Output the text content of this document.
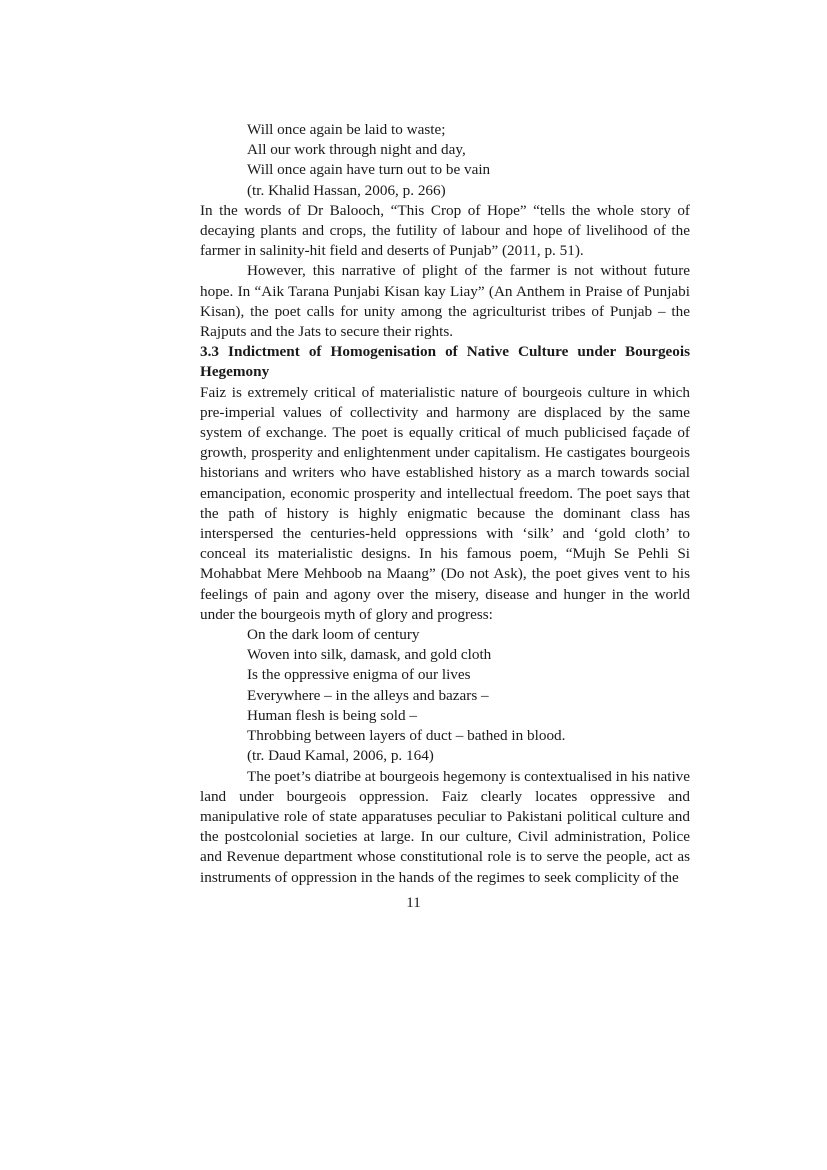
Will once again be laid to waste;

All our work through night and day,

Will once again have turn out to be vain

(tr. Khalid Hassan, 2006, p. 266)

In the words of Dr Balooch, “This Crop of Hope” “tells the whole story of decaying plants and crops, the futility of labour and hope of livelihood of the farmer in salinity-hit field and deserts of Punjab” (2011, p. 51).

However, this narrative of plight of the farmer is not without future hope. In “Aik Tarana Punjabi Kisan kay Liay” (An Anthem in Praise of Punjabi Kisan), the poet calls for unity among the agriculturist tribes of Punjab – the Rajputs and the Jats to secure their rights.

3.3 Indictment of Homogenisation of Native Culture under Bourgeois Hegemony

Faiz is extremely critical of materialistic nature of bourgeois culture in which pre-imperial values of collectivity and harmony are displaced by the same system of exchange. The poet is equally critical of much publicised façade of growth, prosperity and enlightenment under capitalism. He castigates bourgeois historians and writers who have established history as a march towards social emancipation, economic prosperity and intellectual freedom. The poet says that the path of history is highly enigmatic because the dominant class has interspersed the centuries-held oppressions with ‘silk’ and ‘gold cloth’ to conceal its materialistic designs. In his famous poem, “Mujh Se Pehli Si Mohabbat Mere Mehboob na Maang” (Do not Ask), the poet gives vent to his feelings of pain and agony over the misery, disease and hunger in the world under the bourgeois myth of glory and progress:

On the dark loom of century

Woven into silk, damask, and gold cloth

Is the oppressive enigma of our lives

Everywhere – in the alleys and bazars –

Human flesh is being sold –

Throbbing between layers of duct – bathed in blood.

(tr. Daud Kamal, 2006, p. 164)

The poet’s diatribe at bourgeois hegemony is contextualised in his native land under bourgeois oppression. Faiz clearly locates oppressive and manipulative role of state apparatuses peculiar to Pakistani political culture and the postcolonial societies at large. In our culture, Civil administration, Police and Revenue department whose constitutional role is to serve the people, act as instruments of oppression in the hands of the regimes to seek complicity of the

11
